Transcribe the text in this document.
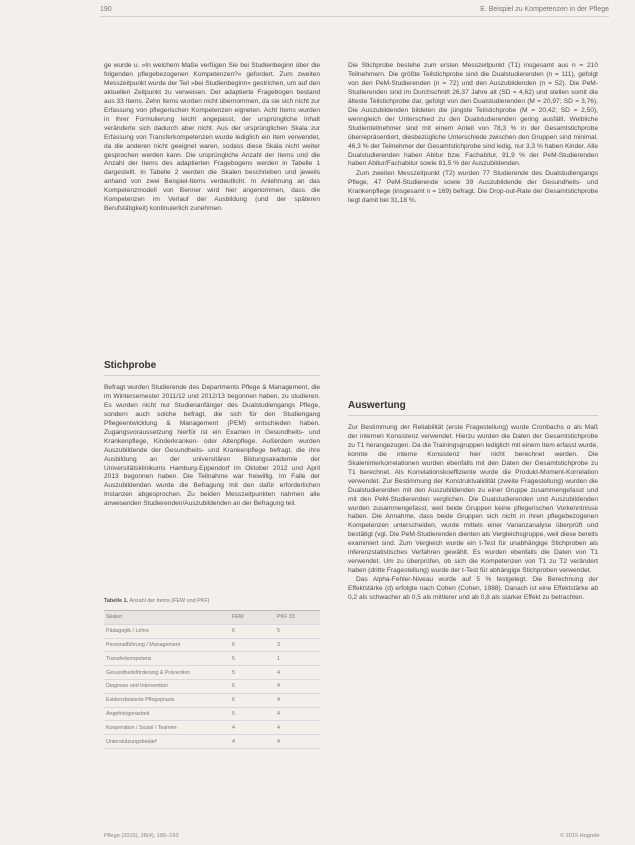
190	E. Beispiel zu Kompetenzen in der Pflege

ge wurde u. »In welchem Maße verfügen Sie bei Studienbeginn über die folgenden pflegebezogenen Kompetenzen?« gefordert. Zum zweiten Messzeitpunkt wurde der Teil »bei Studienbeginn« gestrichen, um auf den aktuellen Zeitpunkt zu verweisen. Der adaptierte Fragebogen bestand aus 33 Items. Zehn Items wurden nicht übernommen, da sie sich nicht zur Erfassung von pflegerischen Kompetenzen eigneten. Acht Items wurden in ihrer Formulierung leicht angepasst, der ursprüngliche Inhalt veränderte sich dadurch aber nicht. Aus der ursprünglichen Skala zur Erfassung von Transferkompetenzen wurde lediglich ein Item verwendet, da die anderen nicht geeignet waren, sodass diese Skala nicht weiter gesprochen werden kann. Die ursprüngliche Anzahl der Items und die Anzahl der Items des adaptierten Fragebogens werden in Tabelle 1 dargestellt. In Tabelle 2 werden die Skalen beschrieben und jeweils anhand von zwei Beispiel-Items verdeutlicht. In Anlehnung an das Kompetenzmodell von Benner wird hier angenommen, dass die Kompetenzen im Verlauf der Ausbildung (und der späteren Berufstätigkeit) kontinuierlich zunehmen.

Stichprobe

Befragt wurden Studierende des Departments Pflege & Management, die im Wintersemester 2011/12 und 2012/13 begonnen haben, zu studieren. Es wurden nicht nur Studienanfänger des Dualstudiengangs Pflege, sondern auch solche befragt, die sich für den Studiengang Pflegeentwicklung & Management (PEM) entschieden haben. Zugangsvoraussetzung hierfür ist ein Examen in Gesundheits- und Krankenpflege, Kinderkranken- oder Altenpflege. Außerdem wurden Auszubildende der Gesundheits- und Krankenpflege befragt, die ihre Ausbildung an der universitären Bildungsakademie der Universitätsklinikums Hamburg-Eppendorf im Oktober 2012 und April 2013 begonnen haben. Die Teilnahme war freiwillig. Im Falle der Auszubildenden wurde die Befragung mit den dafür erforderlichen Instanzen abgesprochen. Zu beiden Messzeitpunkten nahmen alle anwesenden Studierenden/Auszubildenden an der Befragung teil.

Tabelle 1. Anzahl der Items (FEW und PKF)
Skalen	FEW	PKF 33
Pädagogik / Lehre	6	5
Personalführung / Management	6	3
Transferkompetenz	5	1
Gesundheitsförderung & Prävention	5	4
Diagnose und Intervention	6	4
Evidenzbasierte Pflegepraxis	6	4
Angehörigenarbeit	5	4
Kooperation / Sozial / Teamen	4	4
Unterstützungsbedarf	4	4

Die Stichprobe bestehe zum ersten Messzeitpunkt (T1) insgesamt aus n = 210 Teilnehmern. Die größte Teilstichprobe sind die Dualstudierenden (n = 111), gefolgt von den PeM-Studierenden (n = 72) und den Auszubildenden (n = 52). Die PeM-Studierenden sind im Durchschnitt 26,37 Jahre alt (SD = 4,62) und stellen somit die älteste Teilstichprobe dar, gefolgt von den Dualstudierenden (M = 20,97; SD = 3,76). Die Auszubildenden bildeten die jüngste Teilstichprobe (M = 20,42; SD = 2,50), wenngleich der Unterschied zu den Dualstudierenden gering ausfällt. Weibliche Studienteilnehmer sind mit einem Anteil von 78,3 % in der Gesamtstichprobe überrepräsentiert, diesbezügliche Unterschiede zwischen den Gruppen sind minimal. 46,3 % der Teilnehmer der Gesamtstichprobe sind ledig, nur 3,3 % haben Kinder. Alle Dualstudierenden haben Abitur bzw. Fachabitur, 91,9 % der PeM-Studierenden haben Abitur/Fachabitur sowie 81,5 % der Auszubildenden.

Zum zweiten Messzeitpunkt (T2) wurden 77 Studierende des Dualstudiengangs Pflege, 47 PeM-Studierende sowie 39 Auszubildende der Gesundheits- und Krankenpflege (insgesamt n = 169) befragt. Die Drop-out-Rate der Gesamtstichprobe liegt damit bei 31,18 %.

Auswertung

Zur Bestimmung der Reliabilität (erste Fragestellung) wurde Cronbachs α als Maß der internen Konsistenz verwendet. Hierzu wurden die Daten der Gesamtstichprobe zu T1 herangezogen. Da die Trainingsgruppen lediglich mit einem Item erfasst wurde, konnte die interne Konsistenz hier nicht berechnet werden. Die Skaleninterkorrelationen wurden ebenfalls mit den Daten der Gesamtstichprobe zu T1 berechnet. Als Korrelationskoeffiziente wurde die Produkt-Moment-Korrelation verwendet. Zur Bestimmung der Konstruktvalidität (zweite Fragestellung) wurden die Dualstudierenden mit den Auszubildenden zu einer Gruppe zusammengefasst und mit den PeM-Studierenden verglichen. Die Dualstudierenden und Auszubildenden wurden zusammengefasst, weil beide Gruppen keine pflegerischen Vorkenntnisse haben. Die Annahme, dass beide Gruppen sich nicht in ihren pflegebezogenen Kompetenzen unterscheiden, wurde mittels einer Varianzanalyse überprüft und bestätigt (vgl. Die PeM-Studierenden dienten als Vergleichsgruppe, weil diese bereits examiniert sind. Zum Vergleich wurde ein t-Test für unabhängige Stichproben als inferenzstatistisches Verfahren gewählt. Es wurden ebenfalls die Daten von T1 verwendet. Um zu überprüfen, ob sich die Kompetenzen von T1 zu T2 verändert haben (dritte Fragestellung) wurde der t-Test für abhängige Stichproben verwendet.

Das Alpha-Fehler-Niveau wurde auf 5 % festgelegt. Die Berechnung der Effektstärke (d) erfolgte nach Cohen (Cohen, 1988). Danach ist eine Effektstärke ab 0,2 als schwacher ab 0,5 als mittlerer und ab 0,8 als starker Effekt zu betrachten.

Pflege (2015), 28(4), 185–193	© 2015 Hogrefe
